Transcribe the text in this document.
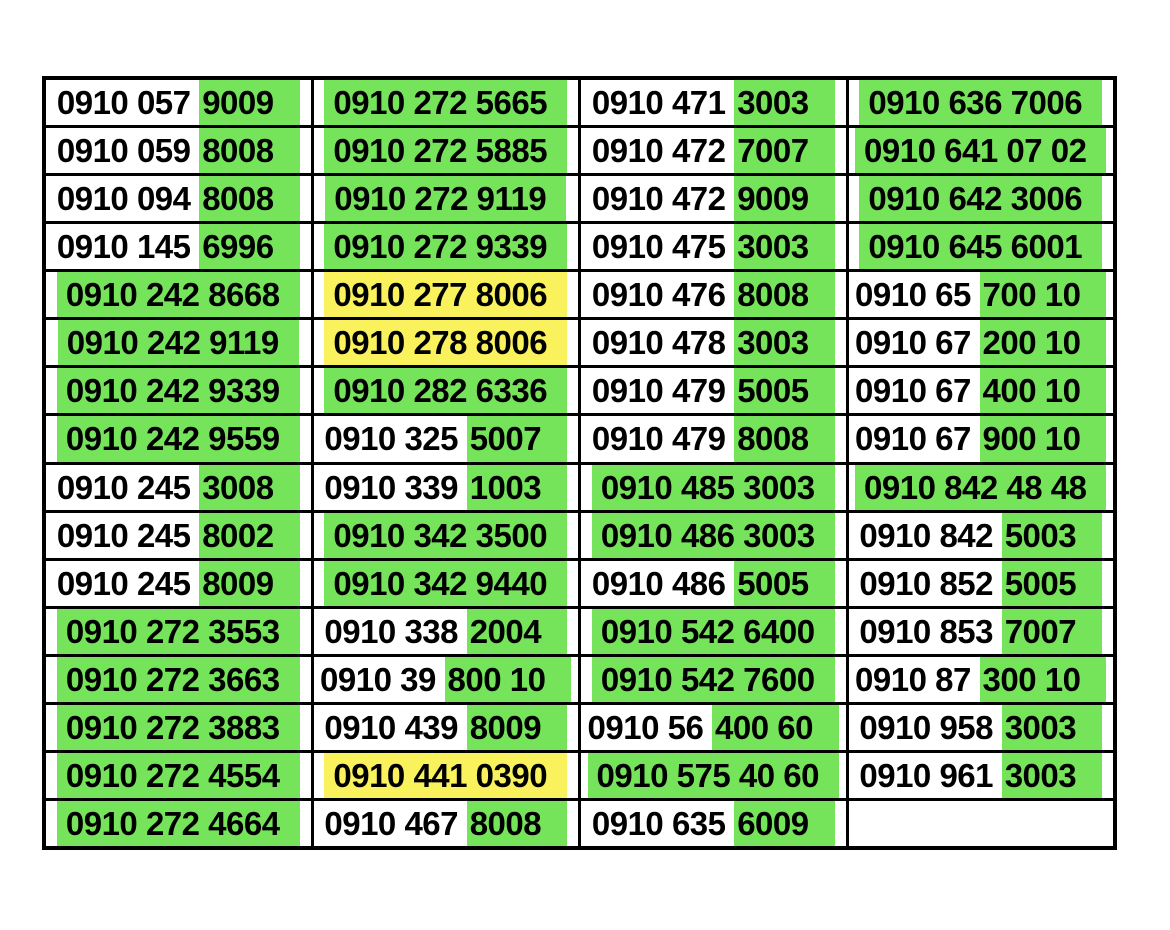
0910 057 9009	0910 272 5665	0910 471 3003	0910 636 7006
0910 059 8008	0910 272 5885	0910 472 7007	0910 641 07 02
0910 094 8008	0910 272 9119	0910 472 9009	0910 642 3006
0910 145 6996	0910 272 9339	0910 475 3003	0910 645 6001
0910 242 8668	0910 277 8006	0910 476 8008	0910 65 700 10
0910 242 9119	0910 278 8006	0910 478 3003	0910 67 200 10
0910 242 9339	0910 282 6336	0910 479 5005	0910 67 400 10
0910 242 9559	0910 325 5007	0910 479 8008	0910 67 900 10
0910 245 3008	0910 339 1003	0910 485 3003	0910 842 48 48
0910 245 8002	0910 342 3500	0910 486 3003	0910 842 5003
0910 245 8009	0910 342 9440	0910 486 5005	0910 852 5005
0910 272 3553	0910 338 2004	0910 542 6400	0910 853 7007
0910 272 3663	0910 39 800 10	0910 542 7600	0910 87 300 10
0910 272 3883	0910 439 8009	0910 56 400 60	0910 958 3003
0910 272 4554	0910 441 0390	0910 575 40 60	0910 961 3003
0910 272 4664	0910 467 8008	0910 635 6009
